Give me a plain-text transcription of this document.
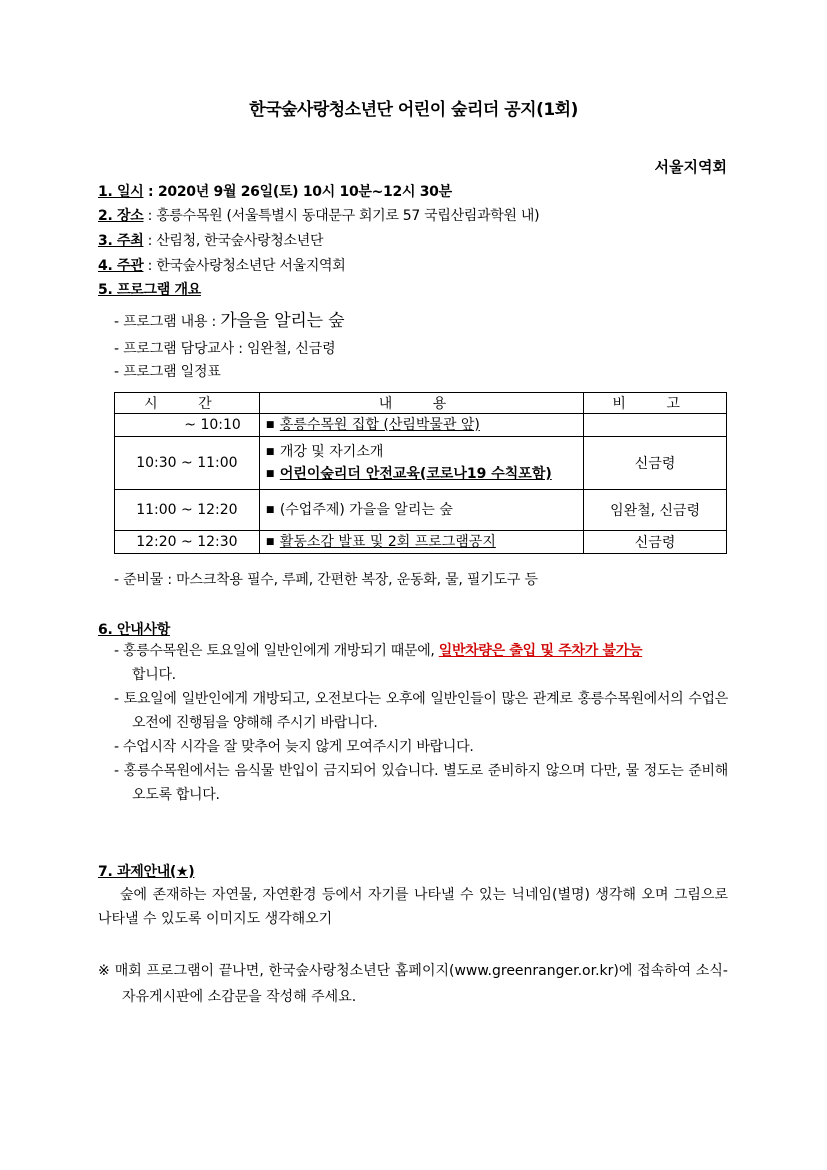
한국숲사랑청소년단 어린이 숲리더 공지(1회)
서울지역회
1. 일시 : 2020년 9월 26일(토) 10시 10분~12시 30분
2. 장소 : 홍릉수목원 (서울특별시 동대문구 회기로 57 국립산림과학원 내)
3. 주최 : 산림청, 한국숲사랑청소년단
4. 주관 : 한국숲사랑청소년단 서울지역회
5. 프로그램 개요
- 프로그램 내용 : 가을을 알리는 숲
- 프로그램 담당교사 : 임완철, 신금령
- 프로그램 일정표
시 간	내 용	비 고
~ 10:10	■ 홍릉수목원 집합 (산림박물관 앞)

10:30 ~ 11:00	■ 개강 및 자기소개
■ 어린이숲리더 안전교육(코로나19 수칙포함)	신금령
11:00 ~ 12:20	■ (수업주제) 가을을 알리는 숲	임완철, 신금령
12:20 ~ 12:30	■ 활동소감 발표 및 2회 프로그램공지	신금령
- 준비물 : 마스크착용 필수, 루페, 간편한 복장, 운동화, 물, 필기도구 등
6. 안내사항
- 홍릉수목원은 토요일에 일반인에게 개방되기 때문에, 일반차량은 출입 및 주차가 불가능
합니다.
- 토요일에 일반인에게 개방되고, 오전보다는 오후에 일반인들이 많은 관계로 홍릉수목원에서의 수업은 오전에 진행됨을 양해해 주시기 바랍니다.
- 수업시작 시각을 잘 맞추어 늦지 않게 모여주시기 바랍니다.
- 홍릉수목원에서는 음식물 반입이 금지되어 있습니다. 별도로 준비하지 않으며 다만, 물 정도는 준비해 오도록 합니다.
7. 과제안내(★)
숲에 존재하는 자연물, 자연환경 등에서 자기를 나타낼 수 있는 닉네임(별명) 생각해 오며 그림으로 나타낼 수 있도록 이미지도 생각해오기
※ 매회 프로그램이 끝나면, 한국숲사랑청소년단 홈페이지(www.greenranger.or.kr)에 접속하여 소식- 자유게시판에 소감문을 작성해 주세요.
